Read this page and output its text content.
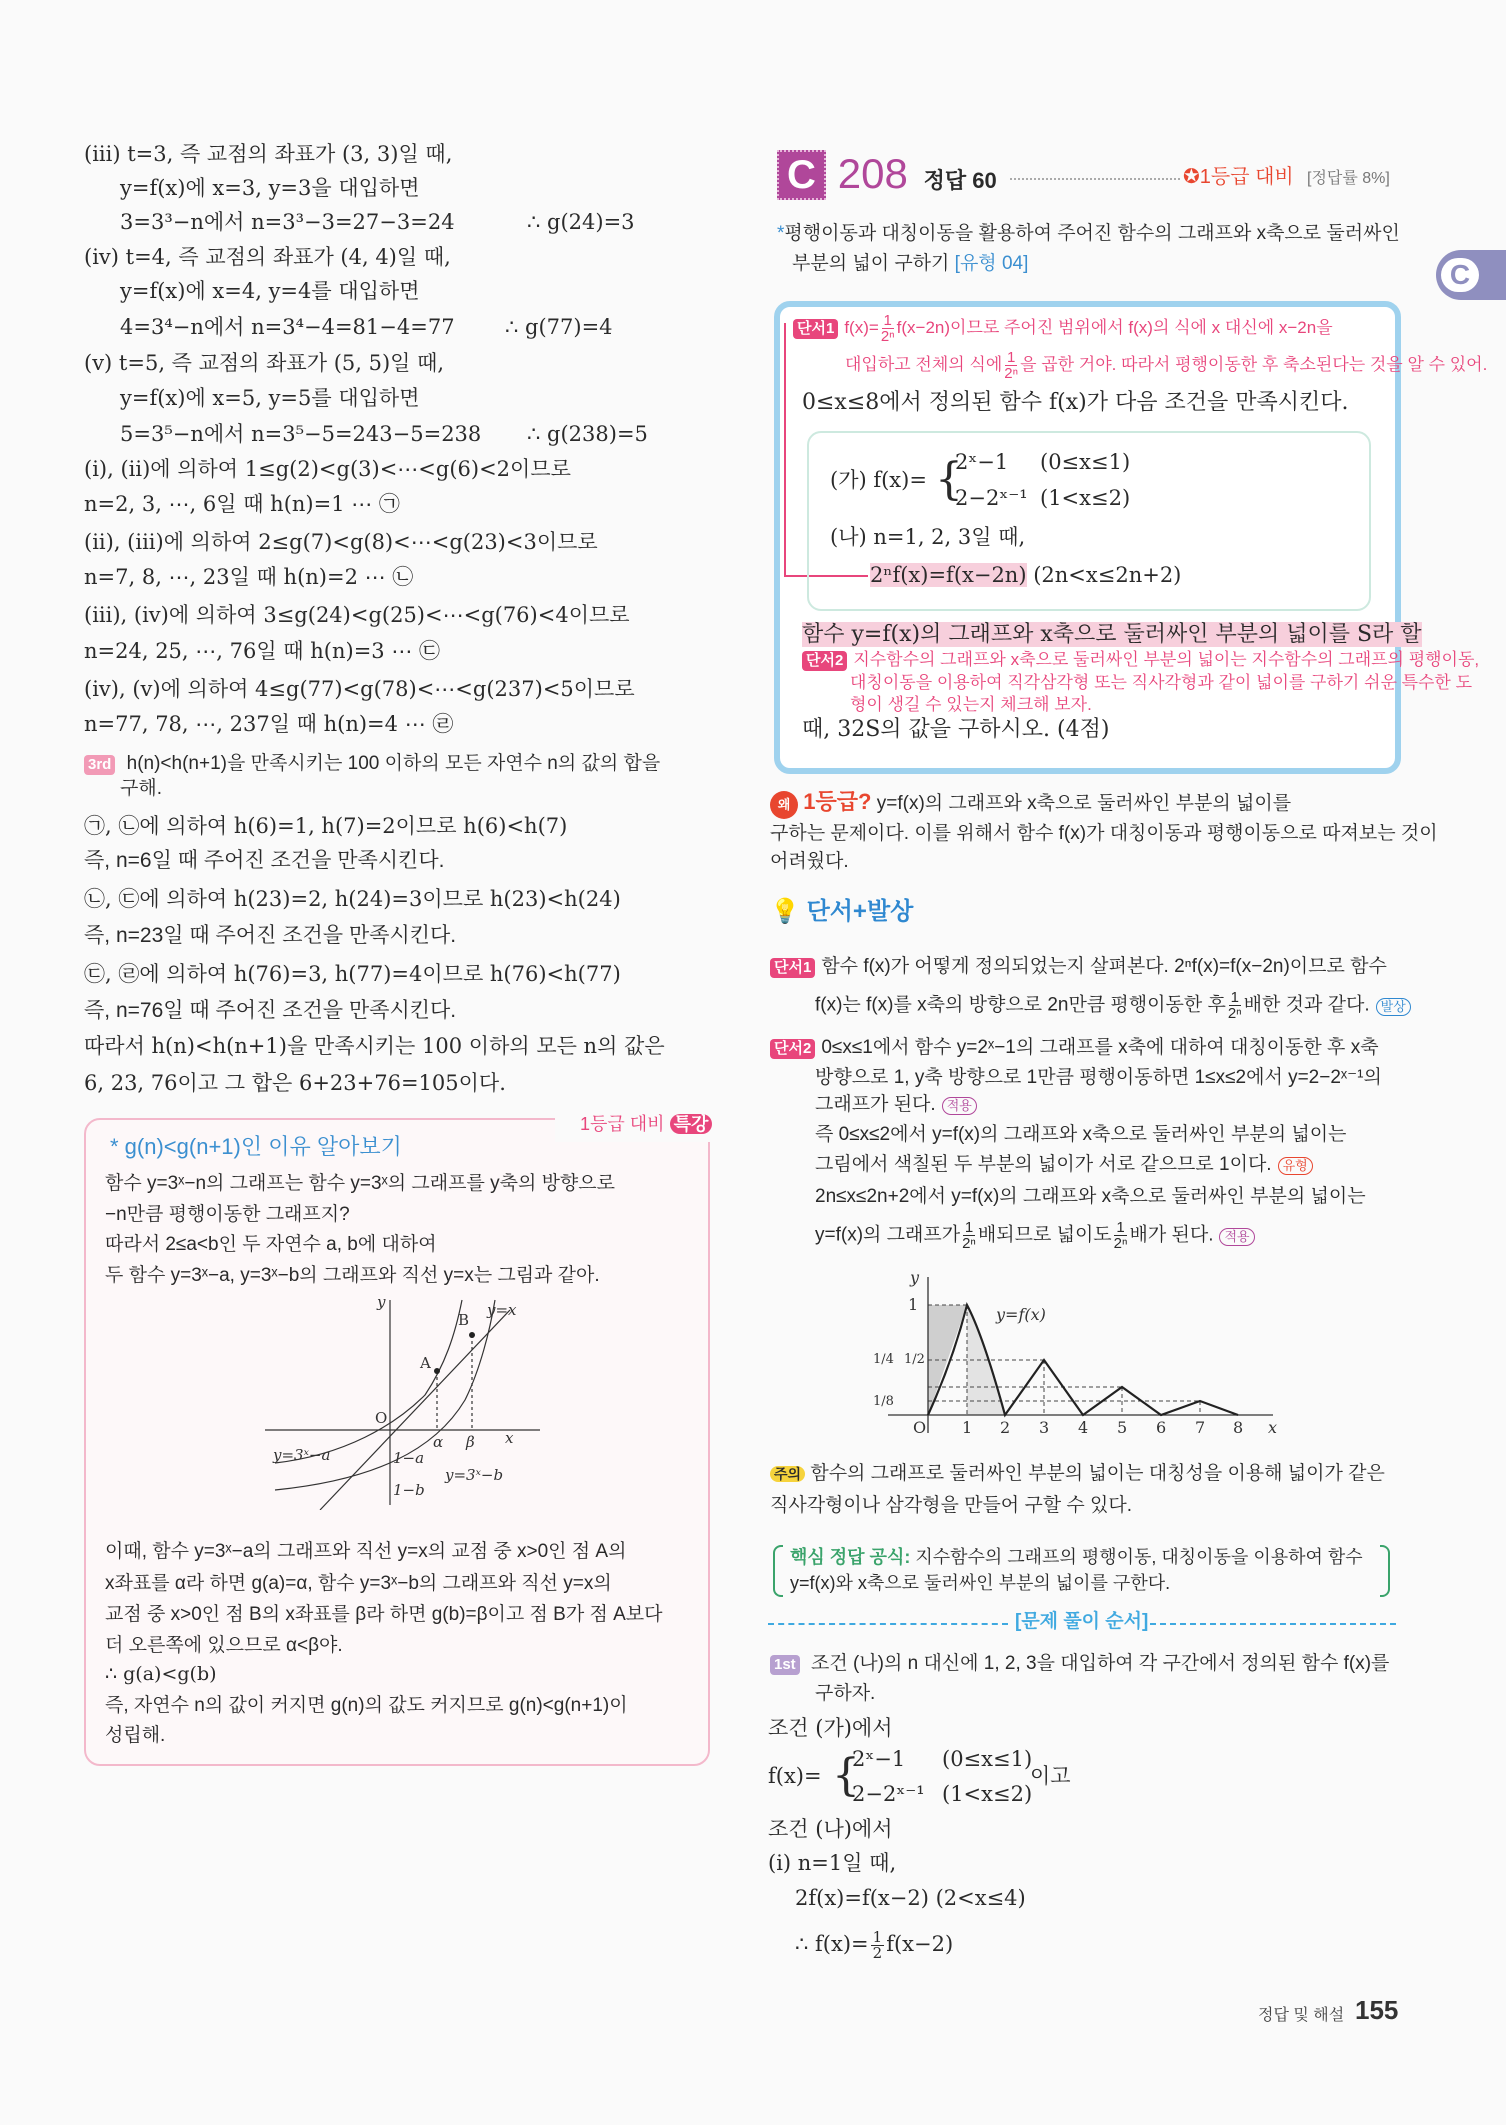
(iii) t=3, 즉 교점의 좌표가 (3, 3)일 때,
y=f(x)에 x=3, y=3을 대입하면
3=3³−n에서 n=3³−3=27−3=24	∴ g(24)=3
(iv) t=4, 즉 교점의 좌표가 (4, 4)일 때,
y=f(x)에 x=4, y=4를 대입하면
4=3⁴−n에서 n=3⁴−4=81−4=77 ∴ g(77)=4
(v) t=5, 즉 교점의 좌표가 (5, 5)일 때,
y=f(x)에 x=5, y=5를 대입하면
5=3⁵−n에서 n=3⁵−5=243−5=238 ∴ g(238)=5
(i), (ii)에 의하여 1≤g(2)<g(3)<⋯<g(6)<2이므로
n=2, 3, ⋯, 6일 때 h(n)=1 ⋯ ㉠
(ii), (iii)에 의하여 2≤g(7)<g(8)<⋯<g(23)<3이므로
n=7, 8, ⋯, 23일 때 h(n)=2 ⋯ ㉡
(iii), (iv)에 의하여 3≤g(24)<g(25)<⋯<g(76)<4이므로
n=24, 25, ⋯, 76일 때 h(n)=3 ⋯ ㉢
(iv), (v)에 의하여 4≤g(77)<g(78)<⋯<g(237)<5이므로
n=77, 78, ⋯, 237일 때 h(n)=4 ⋯ ㉣
3rd h(n)<h(n+1)을 만족시키는 100 이하의 모든 자연수 n의 값의 합을
구해.
㉠, ㉡에 의하여 h(6)=1, h(7)=2이므로 h(6)<h(7)
즉, n=6일 때 주어진 조건을 만족시킨다.
㉡, ㉢에 의하여 h(23)=2, h(24)=3이므로 h(23)<h(24)
즉, n=23일 때 주어진 조건을 만족시킨다.
㉢, ㉣에 의하여 h(76)=3, h(77)=4이므로 h(76)<h(77)
즉, n=76일 때 주어진 조건을 만족시킨다.
따라서 h(n)<h(n+1)을 만족시키는 100 이하의 모든 n의 값은
6, 23, 76이고 그 합은 6+23+76=105이다.
1등급 대비 특강
* g(n)<g(n+1)인 이유 알아보기
함수 y=3ˣ−n의 그래프는 함수 y=3ˣ의 그래프를 y축의 방향으로
−n만큼 평행이동한 그래프지?
따라서 2≤a<b인 두 자연수 a, b에 대하여
두 함수 y=3ˣ−a, y=3ˣ−b의 그래프와 직선 y=x는 그림과 같아.
y
x
O
A
B
y=x
α β
y=3ˣ−a
y=3ˣ−b
1−a
1−b
이때, 함수 y=3ˣ−a의 그래프와 직선 y=x의 교점 중 x>0인 점 A의
x좌표를 α라 하면 g(a)=α, 함수 y=3ˣ−b의 그래프와 직선 y=x의
교점 중 x>0인 점 B의 x좌표를 β라 하면 g(b)=β이고 점 B가 점 A보다
더 오른쪽에 있으므로 α<β야.
∴ g(a)<g(b)
즉, 자연수 n의 값이 커지면 g(n)의 값도 커지므로 g(n)<g(n+1)이
성립해.
C 208 정답 60	✪1등급 대비 [정답률 8%]
C
*평행이동과 대칭이동을 활용하여 주어진 함수의 그래프와 x축으로 둘러싸인
부분의 넓이 구하기 [유형 04]
단서1 $f(x)= \frac{1}{\text{2ⁿ}} f(x-2n)$이므로 주어진 범위에서 f(x)의 식에 x 대신에 x−2n을
대입하고 전체의 식에 $\frac{1}{\text{2ⁿ}}$ 을 곱한 거야. 따라서 평행이동한 후 축소된다는 것을 알 수 있어.
0≤x≤8에서 정의된 함수 f(x)가 다음 조건을 만족시킨다.
(가) f(x)= {
2ˣ−1 (0≤x≤1)
2−2ˣ⁻¹ (1<x≤2)
(나) n=1, 2, 3일 때,
2ⁿf(x)=f(x−2n) (2n<x≤2n+2)
함수 y=f(x)의 그래프와 x축으로 둘러싸인 부분의 넓이를 S라 할
단서2 지수함수의 그래프와 x축으로 둘러싸인 부분의 넓이는 지수함수의 그래프의 평행이동,
대칭이동을 이용하여 직각삼각형 또는 직사각형과 같이 넓이를 구하기 쉬운 특수한 도
형이 생길 수 있는지 체크해 보자.
때, 32S의 값을 구하시오. (4점)
왜 1등급? y=f(x)의 그래프와 x축으로 둘러싸인 부분의 넓이를
구하는 문제이다. 이를 위해서 함수 f(x)가 대칭이동과 평행이동으로 따져보는 것이
어려웠다.
💡 단서+발상
단서1 함수 f(x)가 어떻게 정의되었는지 살펴본다. 2ⁿf(x)=f(x−2n)이므로 함수
f(x)는 f(x)를 x축의 방향으로 2n만큼 평행이동한 후 $\frac{1}{\text{2ⁿ}}$ 배한 것과 같다. 발상
단서2 0≤x≤1에서 함수 y=2ˣ−1의 그래프를 x축에 대하여 대칭이동한 후 x축
방향으로 1, y축 방향으로 1만큼 평행이동하면 1≤x≤2에서 y=2−2ˣ⁻¹의
그래프가 된다. 적용
즉 0≤x≤2에서 y=f(x)의 그래프와 x축으로 둘러싸인 부분의 넓이는
그림에서 색칠된 두 부분의 넓이가 서로 같으므로 1이다. 유형
2n≤x≤2n+2에서 y=f(x)의 그래프와 x축으로 둘러싸인 부분의 넓이는
y=f(x)의 그래프가 $\frac{1}{\text{2ⁿ}}$ 배되므로 넓이도 $\frac{1}{\text{2ⁿ}}$ 배가 된다. 적용
y
x
O
y=f(x)
1
1/2
1/4
1/8
1 2 3 4 5 6 7 8
주의 함수의 그래프로 둘러싸인 부분의 넓이는 대칭성을 이용해 넓이가 같은
직사각형이나 삼각형을 만들어 구할 수 있다.
핵심 정답 공식: 지수함수의 그래프의 평행이동, 대칭이동을 이용하여 함수
y=f(x)와 x축으로 둘러싸인 부분의 넓이를 구한다.
[문제 풀이 순서]
1st 조건 (나)의 n 대신에 1, 2, 3을 대입하여 각 구간에서 정의된 함수 f(x)를
구하자.
조건 (가)에서
f(x)= {
2ˣ−1 (0≤x≤1)
2−2ˣ⁻¹ (1<x≤2)
이고
조건 (나)에서
(i) n=1일 때,
2f(x)=f(x−2) (2<x≤4)
∴ $f(x)= \frac{1}{2} f(x-2)$
정답 및 해설 155
